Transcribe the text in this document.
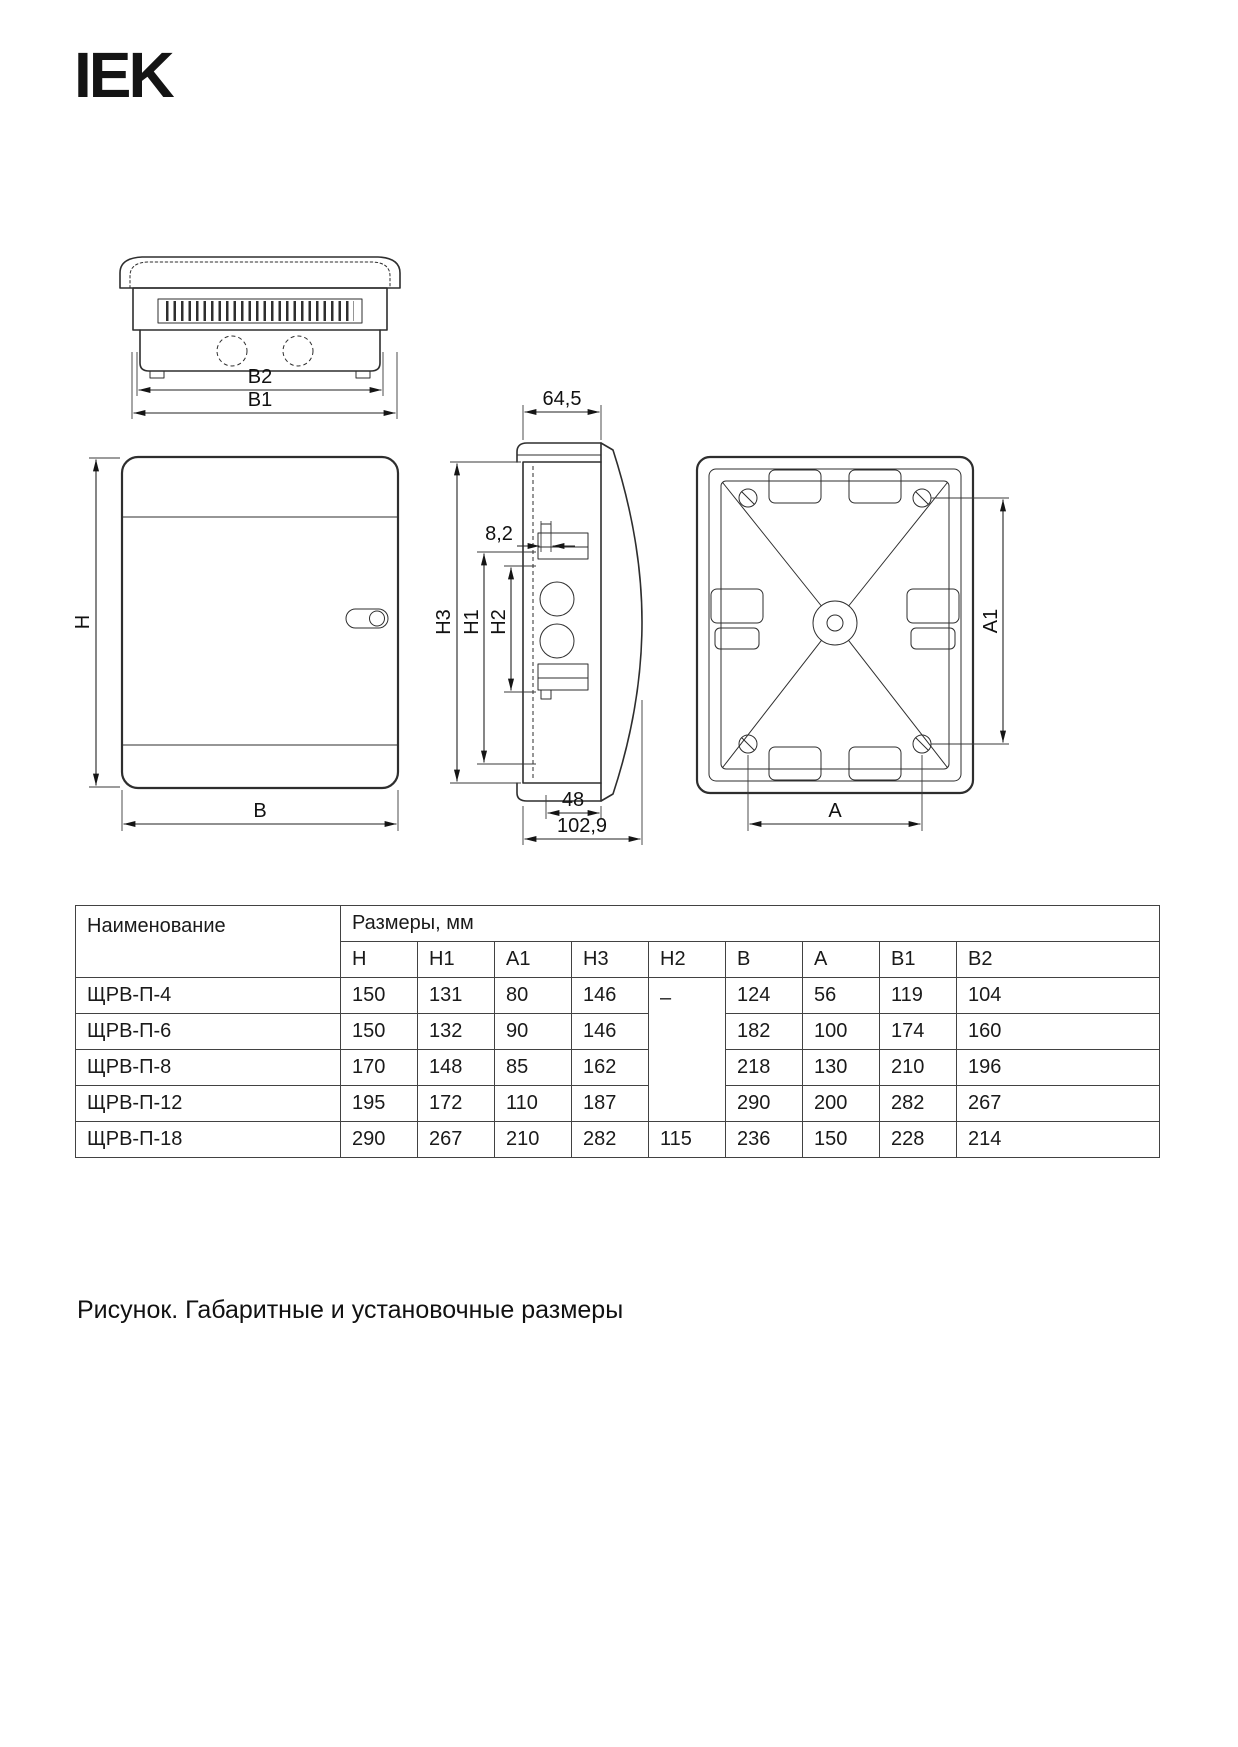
IEK
B2
B1
H
B
64,5
8,2
H3 H1 H2
48
102,9
A1
A
Наименование	Размеры, мм								
	H	H1	A1	H3	H2	B	A	B1	B2
ЩРВ-П-4	150	131	80	146	–	124	56	119	104
ЩРВ-П-6	150	132	90	146		182	100	174	160
ЩРВ-П-8	170	148	85	162		218	130	210	196
ЩРВ-П-12	195	172	110	187		290	200	282	267
ЩРВ-П-18	290	267	210	282	115	236	150	228	214
Рисунок. Габаритные и установочные размеры
